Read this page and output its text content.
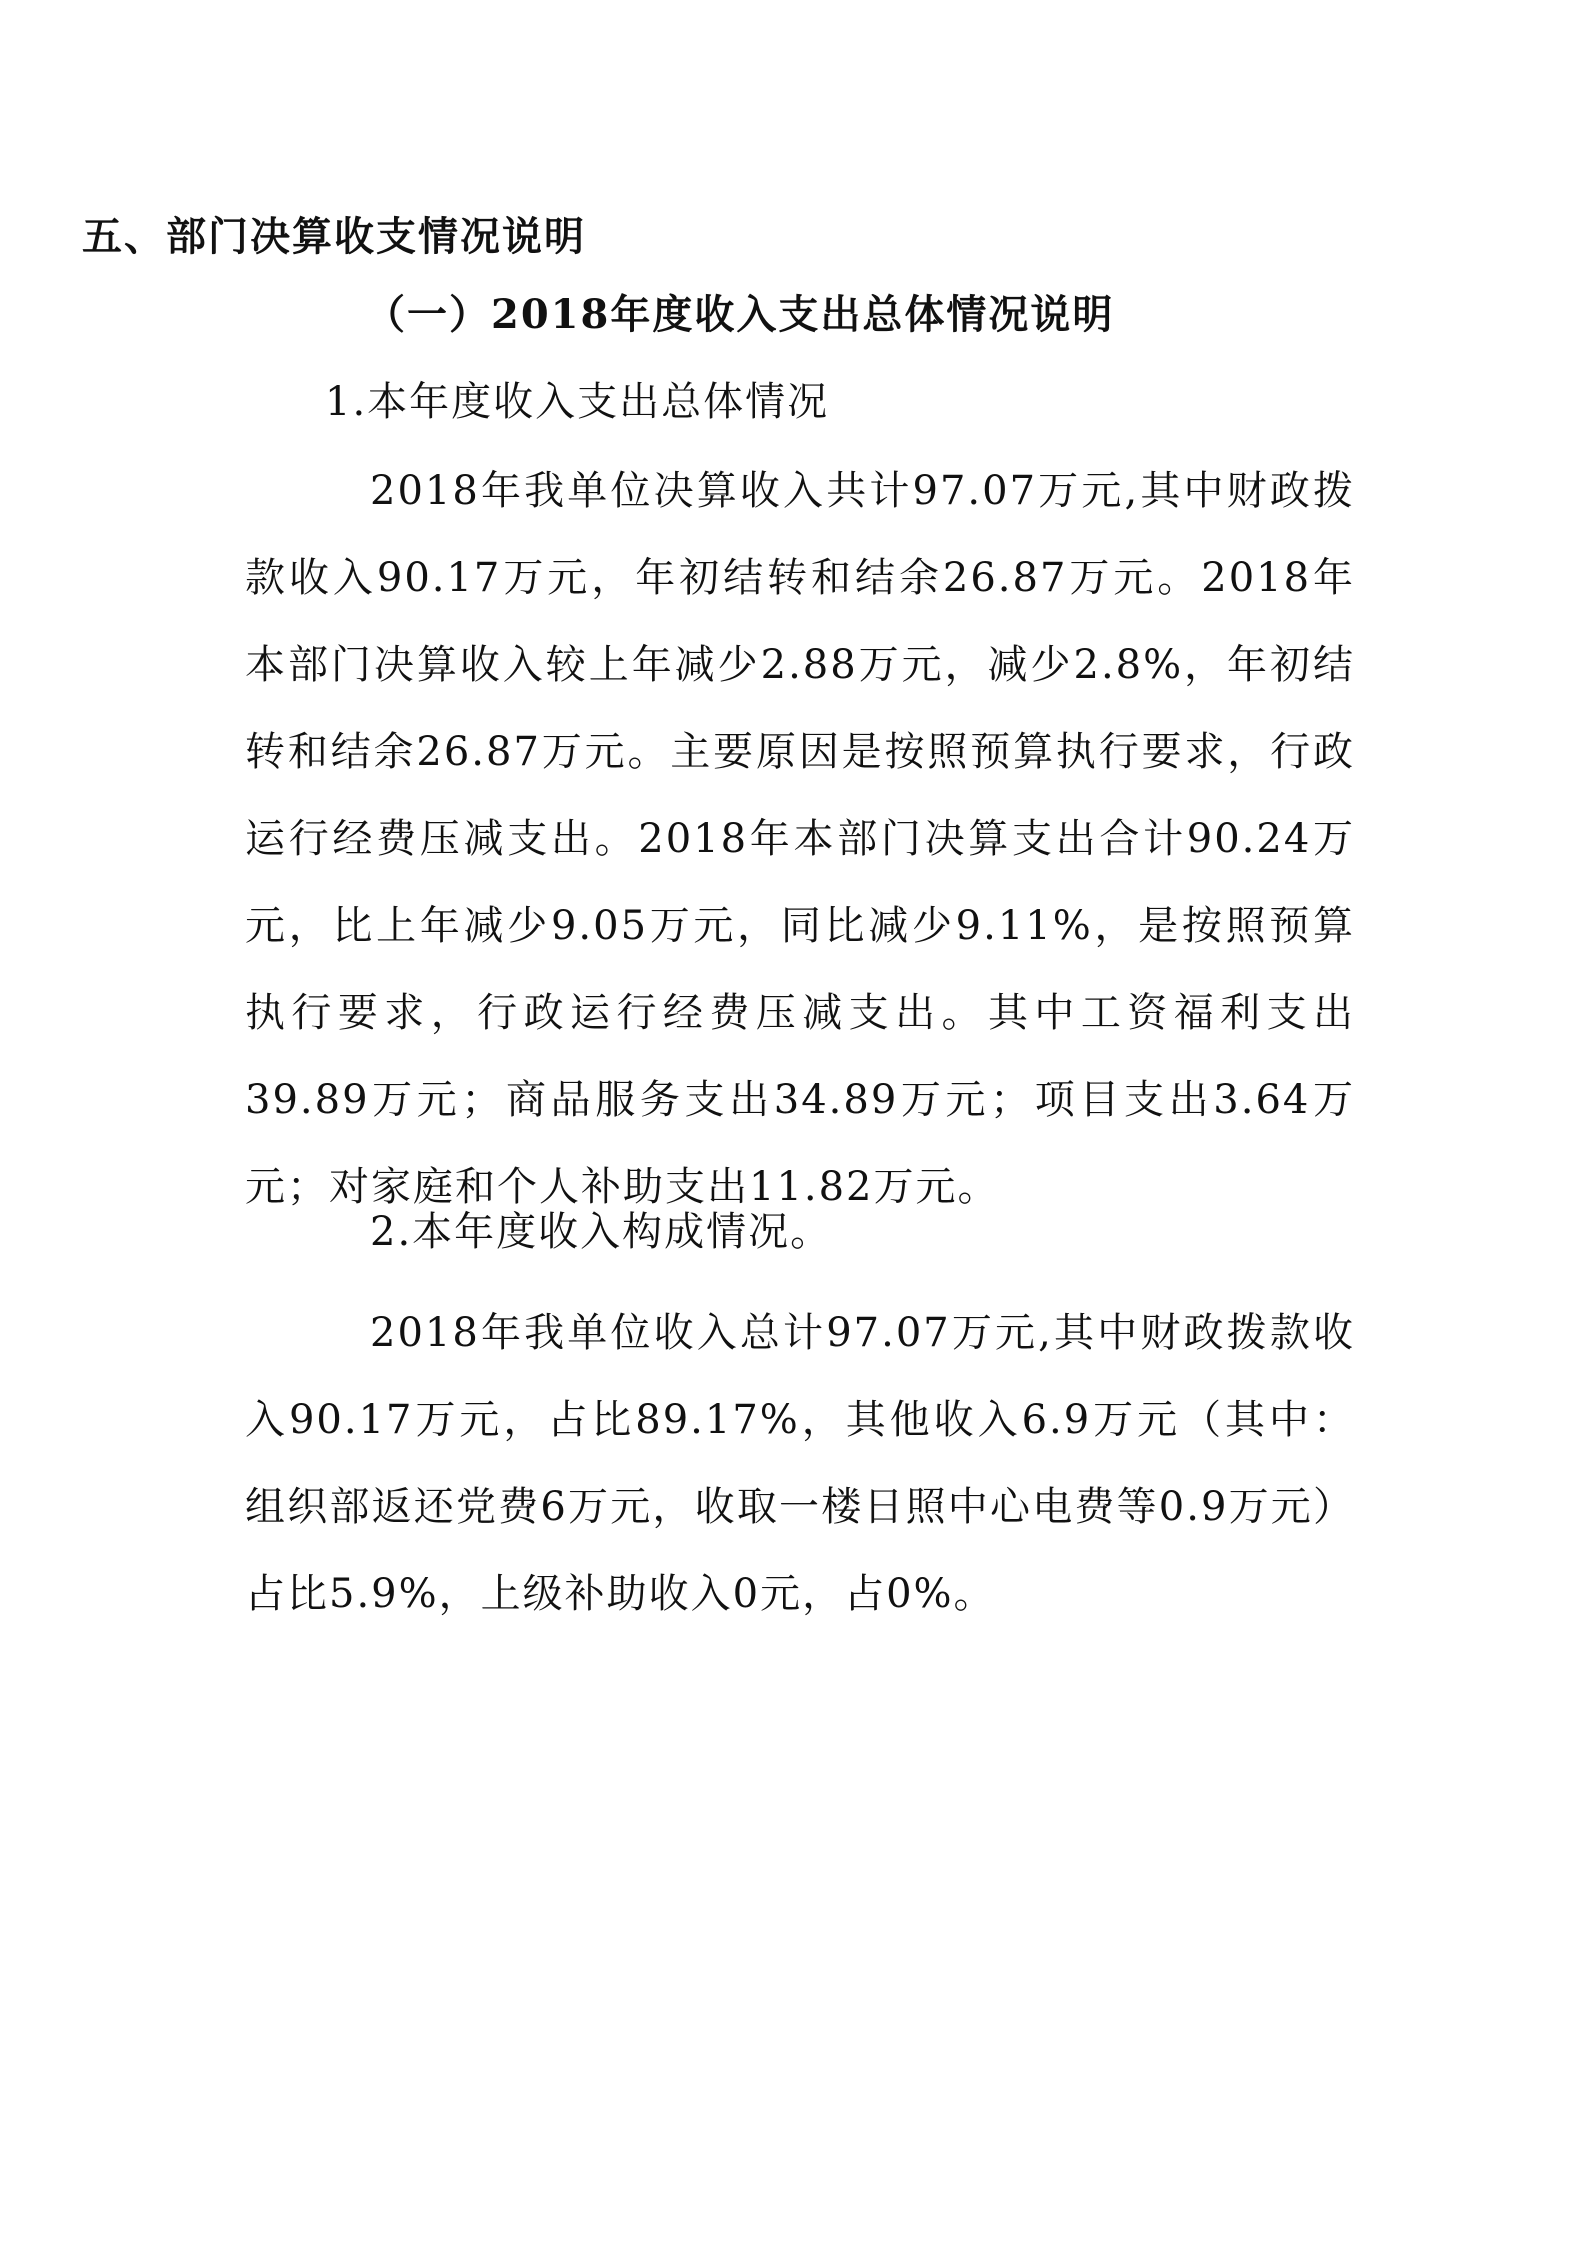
五、部门决算收支情况说明
（一）2018年度收入支出总体情况说明
1.本年度收入支出总体情况

2018年我单位决算收入共计97.07万元,其中财政拨款收入90.17万元，年初结转和结余26.87万元。2018年本部门决算收入较上年减少2.88万元，减少2.8%，年初结转和结余26.87万元。主要原因是按照预算执行要求，行政运行经费压减支出。2018年本部门决算支出合计90.24万元，比上年减少9.05万元，同比减少9.11%，是按照预算执行要求，行政运行经费压减支出。其中工资福利支出39.89万元；商品服务支出34.89万元；项目支出3.64万元；对家庭和个人补助支出11.82万元。

2.本年度收入构成情况。

2018年我单位收入总计97.07万元,其中财政拨款收入90.17万元，占比89.17%，其他收入6.9万元（其中：组织部返还党费6万元，收取一楼日照中心电费等0.9万元）占比5.9%，上级补助收入0元，占0%。
